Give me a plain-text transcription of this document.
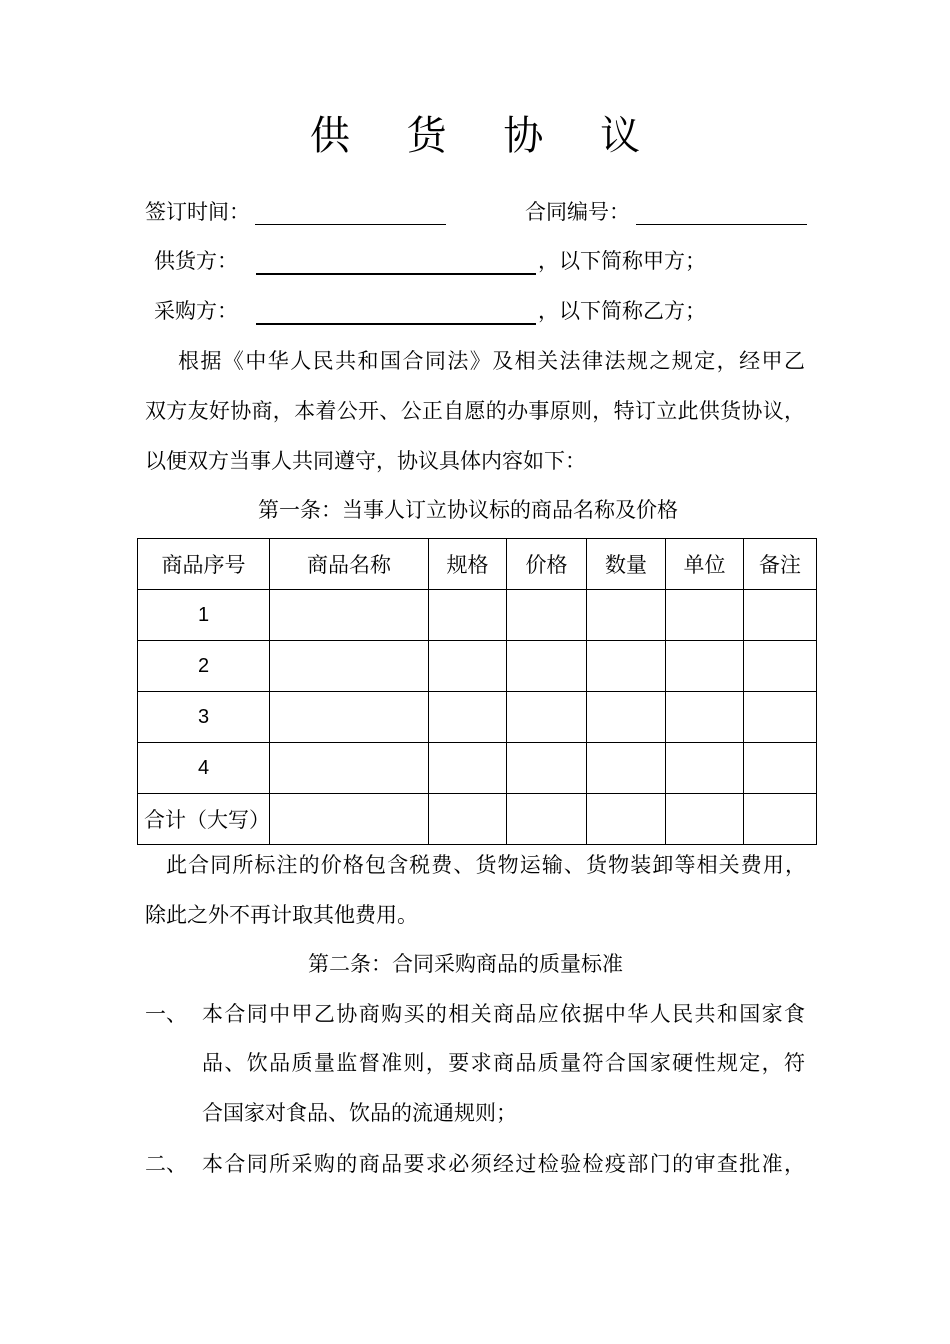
供 货 协 议
签订时间：	合同编号：
供货方：	，以下简称甲方；
采购方：	，以下简称乙方；
根据《中华人民共和国合同法》及相关法律法规之规定，经甲乙
双方友好协商，本着公开、公正自愿的办事原则，特订立此供货协议，
以便双方当事人共同遵守，协议具体内容如下：
第一条：当事人订立协议标的商品名称及价格
商品序号	商品名称	规格	价格	数量	单位	备注
1						
2						
3						
4						
合计（大写）						
此合同所标注的价格包含税费、货物运输、货物装卸等相关费用，
除此之外不再计取其他费用。
第二条：合同采购商品的质量标准
一、 本合同中甲乙协商购买的相关商品应依据中华人民共和国家食
品、饮品质量监督准则，要求商品质量符合国家硬性规定，符
合国家对食品、饮品的流通规则；
二、 本合同所采购的商品要求必须经过检验检疫部门的审查批准，
